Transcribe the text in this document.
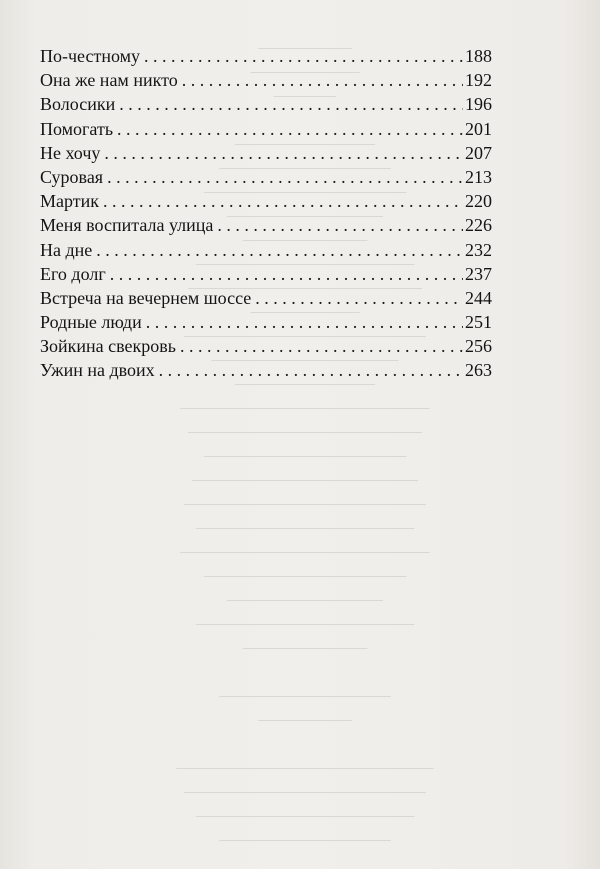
────────────

──────────────

────────

──────────────────

──────────────────────

──────────────────────────

────────────────────

────────────────

────────────────────────────

──────────────────────────────

──────────────

───────────────────────────────

────────────────────────

──────────────────

────────────────────────────────

──────────────────────────────

──────────────────────────

─────────────────────────────

───────────────────────────────

────────────────────────────

────────────────────────────────

──────────────────────────

────────────────────

────────────────────────────

────────────────

──────────────────────

────────────

─────────────────────────────────

───────────────────────────────

────────────────────────────

──────────────────────

По-честному . . .	188
Она же нам никто . . .	192
Волосики . . .	196
Помогать . . .	201
Не хочу . . .	207
Суровая . . .	213
Мартик . . .	220
Меня воспитала улица . . .	226
На дне . . .	232
Его долг . . .	237
Встреча на вечернем шоссе . . .	244
Родные люди . . .	251
Зойкина свекровь . . .	256
Ужин на двоих . . .	263
